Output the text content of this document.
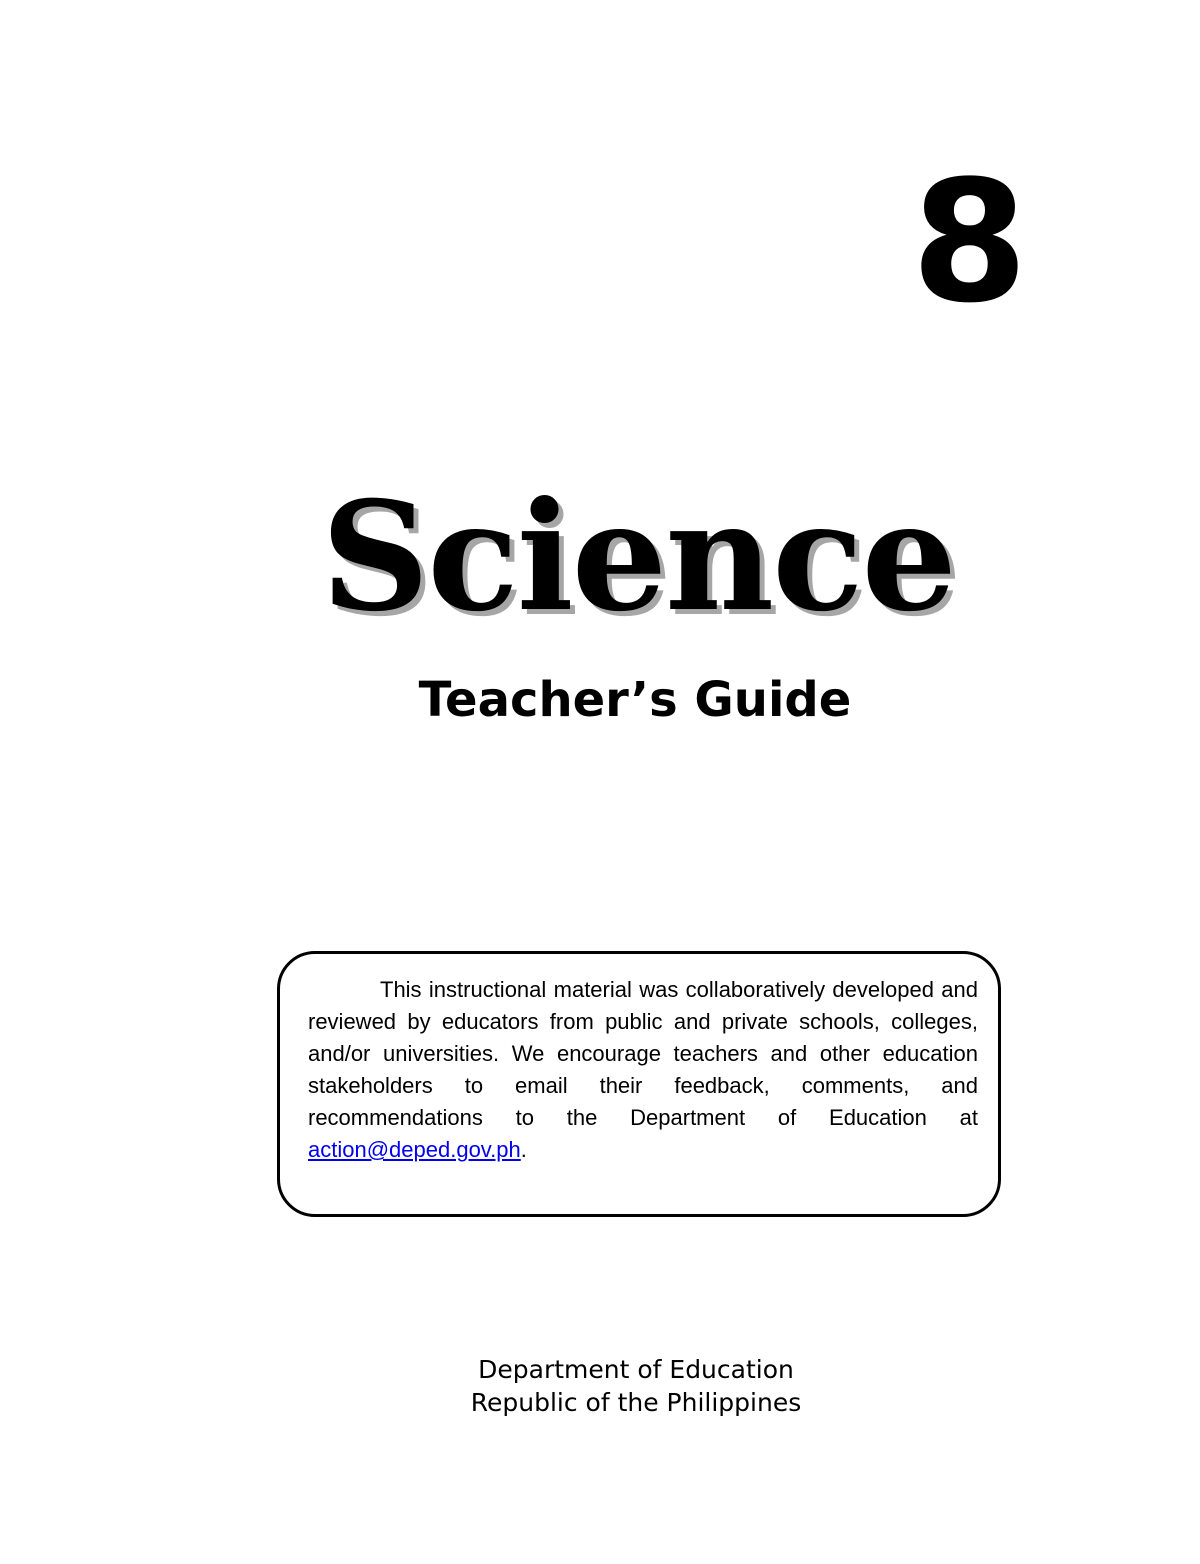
8
Science
Teacher’s Guide

This instructional material was collaboratively developed and reviewed by educators from public and private schools, colleges, and/or universities. We encourage teachers and other education stakeholders to email their feedback, comments, and recommendations to the Department of Education at action@deped.gov.ph.

Department of Education
Republic of the Philippines
